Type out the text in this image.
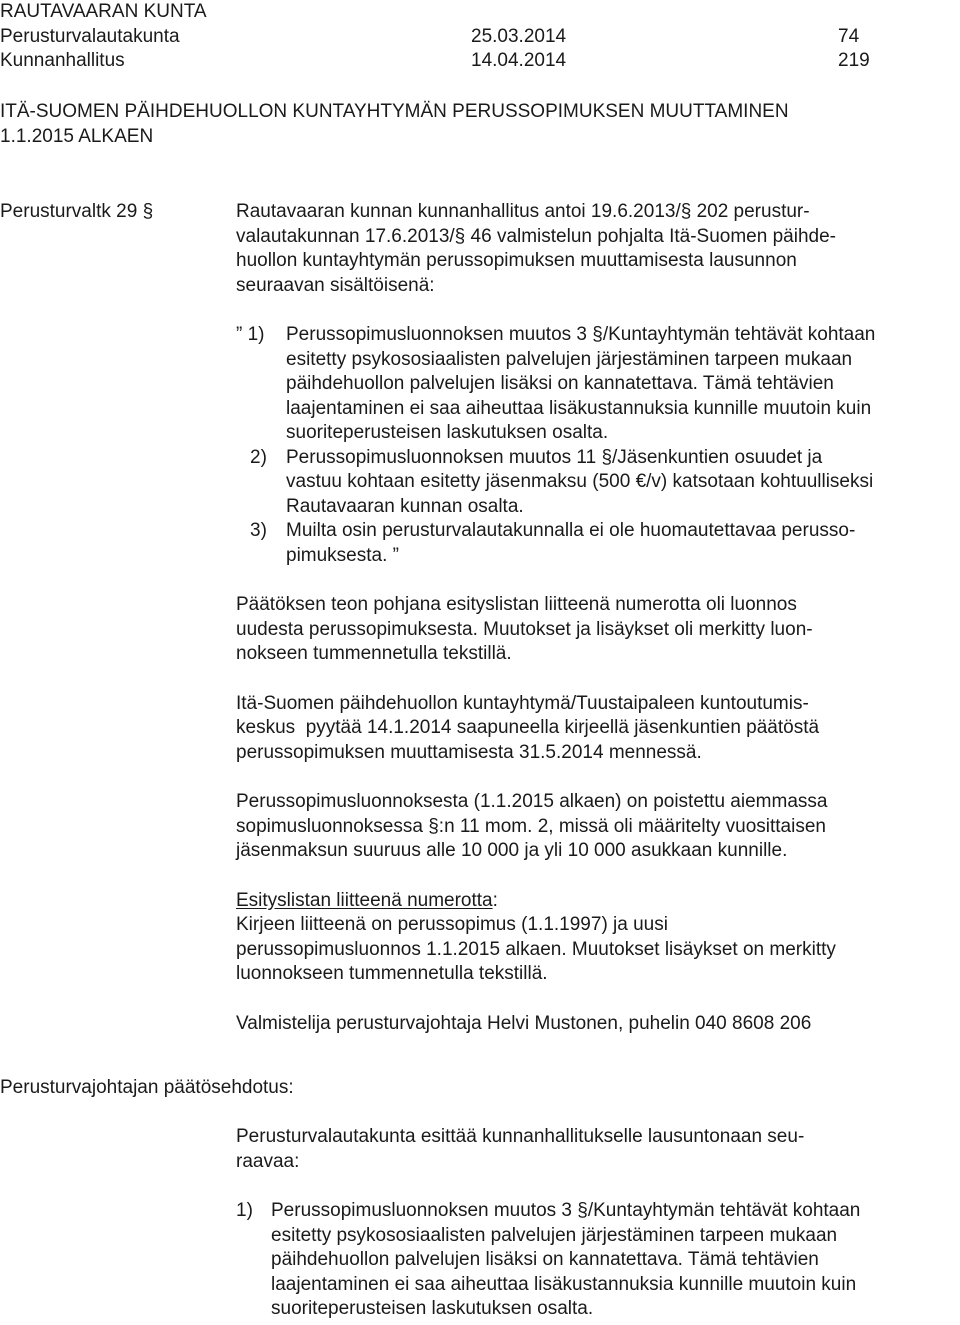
RAUTAVAARAN KUNTA
Perusturvalautakunta	25.03.2014	74
Kunnanhallitus	14.04.2014	219
ITÄ-SUOMEN PÄIHDEHUOLLON KUNTAYHTYMÄN PERUSSOPIMUKSEN MUUTTAMINEN
1.1.2015 ALKAEN
Perusturvaltk 29 §	Rautavaaran kunnan kunnanhallitus antoi 19.6.2013/§ 202 perustur-
valautakunnan 17.6.2013/§ 46 valmistelun pohjalta Itä-Suomen päihde-
huollon kuntayhtymän perussopimuksen muuttamisesta lausunnon
seuraavan sisältöisenä:
” 1) Perussopimusluonnoksen muutos 3 §/Kuntayhtymän tehtävät kohtaan
esitetty psykososiaalisten palvelujen järjestäminen tarpeen mukaan
päihdehuollon palvelujen lisäksi on kannatettava. Tämä tehtävien
laajentaminen ei saa aiheuttaa lisäkustannuksia kunnille muutoin kuin
suoriteperusteisen laskutuksen osalta.
2) Perussopimusluonnoksen muutos 11 §/Jäsenkuntien osuudet ja
vastuu kohtaan esitetty jäsenmaksu (500 €/v) katsotaan kohtuulliseksi
Rautavaaran kunnan osalta.
3) Muilta osin perusturvalautakunnalla ei ole huomautettavaa perusso-
pimuksesta. ”
Päätöksen teon pohjana esityslistan liitteenä numerotta oli luonnos
uudesta perussopimuksesta. Muutokset ja lisäykset oli merkitty luon-
nokseen tummennetulla tekstillä.
Itä-Suomen päihdehuollon kuntayhtymä/Tuustaipaleen kuntoutumis-
keskus  pyytää 14.1.2014 saapuneella kirjeellä jäsenkuntien päätöstä
perussopimuksen muuttamisesta 31.5.2014 mennessä.
Perussopimusluonnoksesta (1.1.2015 alkaen) on poistettu aiemmassa
sopimusluonnoksessa §:n 11 mom. 2, missä oli määritelty vuosittaisen
jäsenmaksun suuruus alle 10 000 ja yli 10 000 asukkaan kunnille.
Esityslistan liitteenä numerotta:
Kirjeen liitteenä on perussopimus (1.1.1997) ja uusi
perussopimusluonnos 1.1.2015 alkaen. Muutokset lisäykset on merkitty
luonnokseen tummennetulla tekstillä.
Valmistelija perusturvajohtaja Helvi Mustonen, puhelin 040 8608 206
Perusturvajohtajan päätösehdotus:
Perusturvalautakunta esittää kunnanhallitukselle lausuntonaan seu-
raavaa:
1) Perussopimusluonnoksen muutos 3 §/Kuntayhtymän tehtävät kohtaan
esitetty psykososiaalisten palvelujen järjestäminen tarpeen mukaan
päihdehuollon palvelujen lisäksi on kannatettava. Tämä tehtävien
laajentaminen ei saa aiheuttaa lisäkustannuksia kunnille muutoin kuin
suoriteperusteisen laskutuksen osalta.
